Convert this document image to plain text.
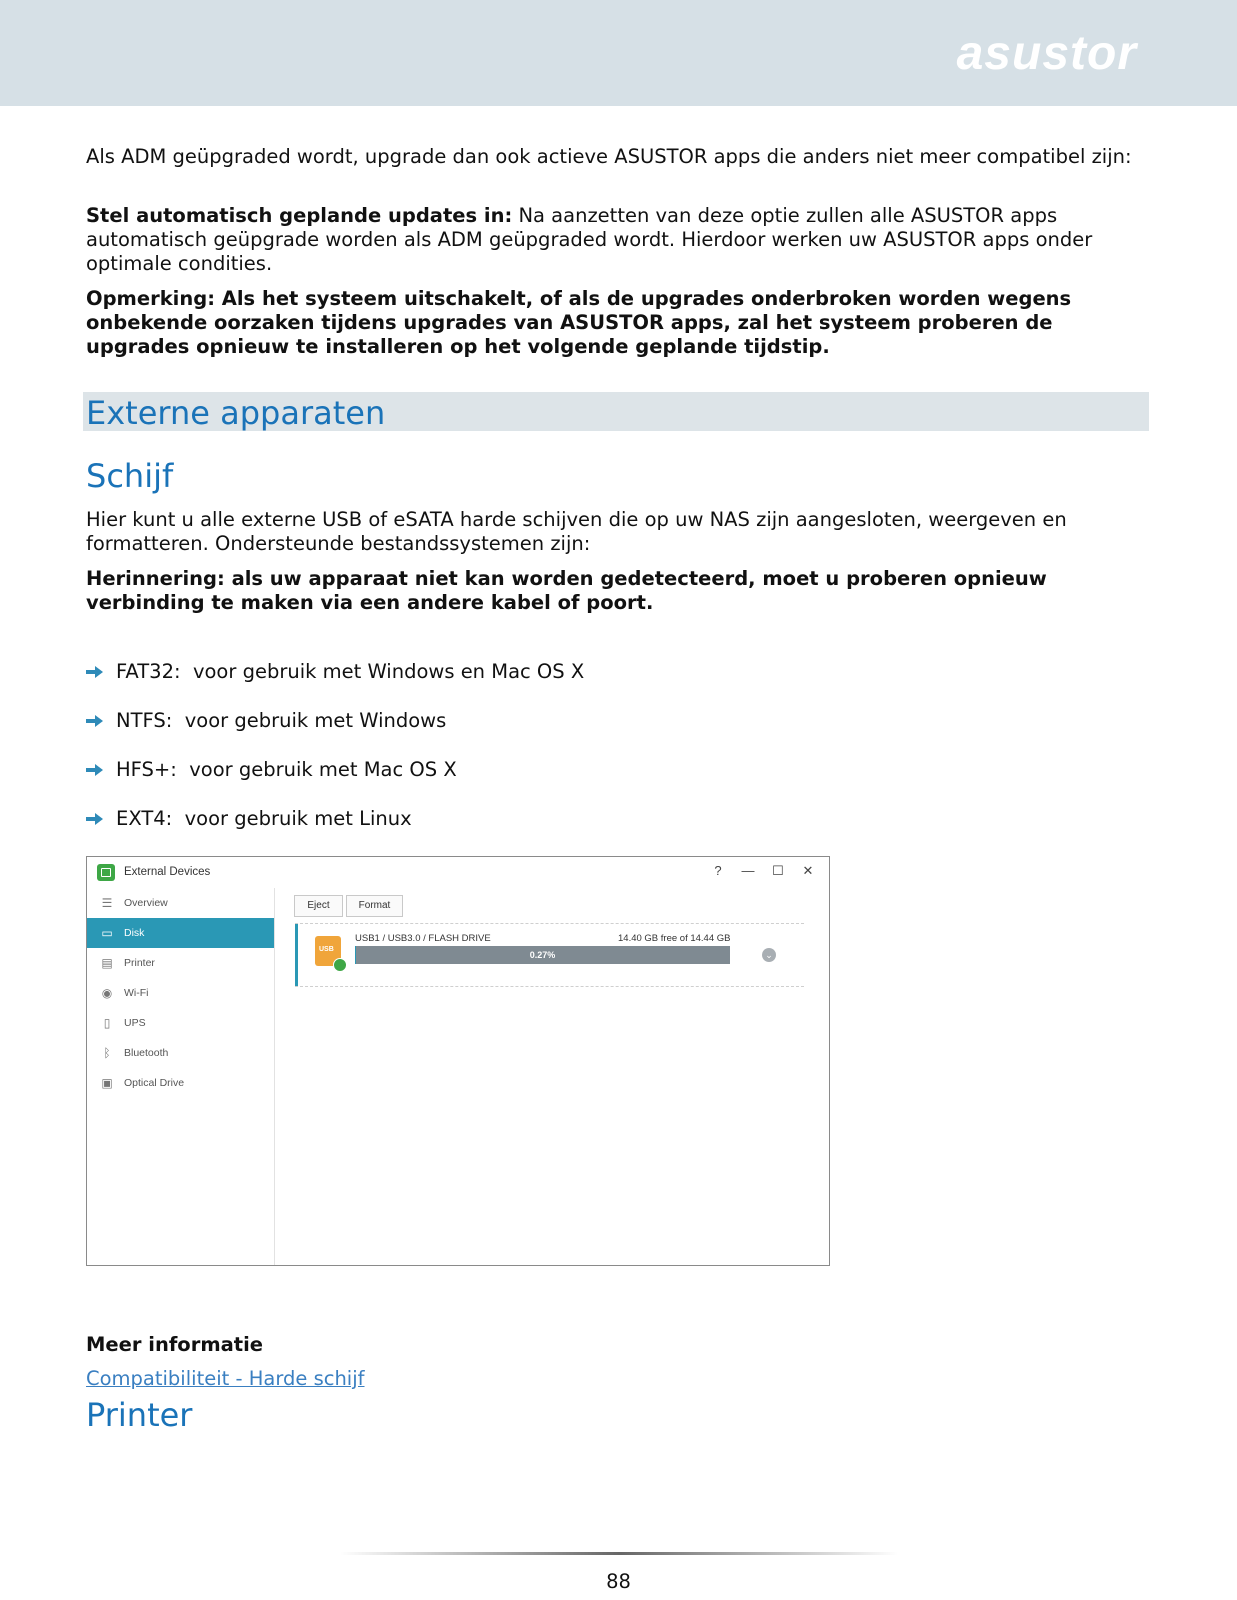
asustor

Als ADM geüpgraded wordt, upgrade dan ook actieve ASUSTOR apps die anders niet meer compatibel zijn:

Stel automatisch geplande updates in: Na aanzetten van deze optie zullen alle ASUSTOR apps automatisch geüpgrade worden als ADM geüpgraded wordt. Hierdoor werken uw ASUSTOR apps onder optimale condities.

Opmerking: Als het systeem uitschakelt, of als de upgrades onderbroken worden wegens onbekende oorzaken tijdens upgrades van ASUSTOR apps, zal het systeem proberen de upgrades opnieuw te installeren op het volgende geplande tijdstip.

Externe apparaten
Schijf

Hier kunt u alle externe USB of eSATA harde schijven die op uw NAS zijn aangesloten, weergeven en formatteren. Ondersteunde bestandssystemen zijn:

Herinnering: als uw apparaat niet kan worden gedetecteerd, moet u proberen opnieuw verbinding te maken via een andere kabel of poort.

FAT32:
voor gebruik met Windows en Mac OS X
NTFS:
voor gebruik met Windows
HFS+:
voor gebruik met Mac OS X
EXT4:
voor gebruik met Linux
External Devices	?	—	☐	✕
☰ Overview
▭ Disk
▤ Printer
◉ Wi-Fi
▯	UPS
ᛒ	Bluetooth
▣ Optical Drive
Eject	Format
USB
USB1 / USB3.0 / FLASH DRIVE	14.40 GB free of 14.44 GB
0.27%	⌄

Meer informatie

Compatibiliteit - Harde schijf
Printer
88
